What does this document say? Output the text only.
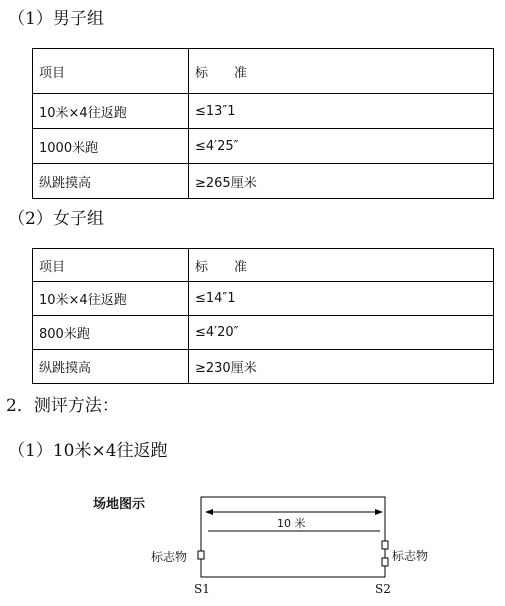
（1）男子组
项目	标　　准
10米×4往返跑	≤13″1
1000米跑	≤4′25″
纵跳摸高	≥265厘米
（2）女子组
项目	标　　准
10米×4往返跑	≤14″1
800米跑	≤4′20″
纵跳摸高	≥230厘米
2．测评方法：
（1）10米×4往返跑
场地图示
10 米
标志物	标志物
S1	S2
